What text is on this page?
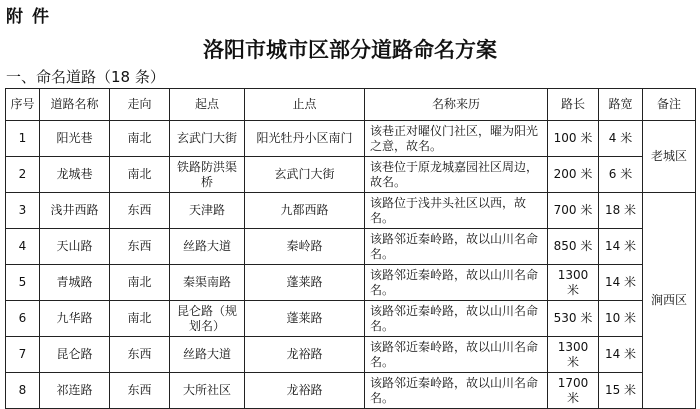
附件
洛阳市城市区部分道路命名方案
一、命名道路（18 条）
序号	道路名称	走向	起点	止点	名称来历	路长	路宽	备注
1	阳光巷	南北	玄武门大街	阳光牡丹小区南门	该巷正对曜仪门社区，曜为阳光之意，故名。	100 米	4 米	老城区
2	龙城巷	南北	铁路防洪渠桥	玄武门大街	该巷位于原龙城嘉园社区周边，故名。	200 米	6 米	
3	浅井西路	东西	天津路	九都西路	该路位于浅井头社区以西，故名。	700 米	18 米	涧西区
4	天山路	东西	丝路大道	秦岭路	该路邻近秦岭路，故以山川名命名。	850 米	14 米	
5	青城路	南北	秦渠南路	蓬莱路	该路邻近秦岭路，故以山川名命名。	1300 米	14 米	
6	九华路	南北	昆仑路（规划名）	蓬莱路	该路邻近秦岭路，故以山川名命名。	530 米	10 米	
7	昆仑路	东西	丝路大道	龙裕路	该路邻近秦岭路，故以山川名命名。	1300 米	14 米	
8	祁连路	东西	大所社区	龙裕路	该路邻近秦岭路，故以山川名命名。	1700 米	15 米	
